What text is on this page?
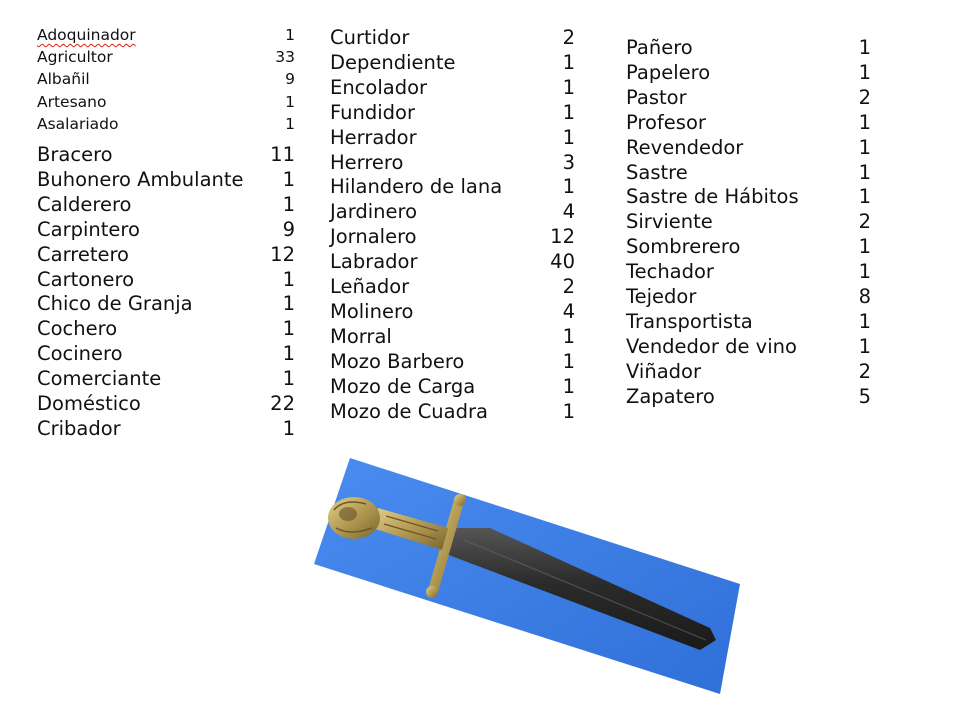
Adoquinador	1
Agricultor	33
Albañil	9
Artesano	1
Asalariado	1
Bracero	11
Buhonero Ambulante	1
Calderero	1
Carpintero	9
Carretero	12
Cartonero	1
Chico de Granja	1
Cochero	1
Cocinero	1
Comerciante	1
Doméstico	22
Cribador	1
Curtidor	2
Dependiente	1
Encolador	1
Fundidor	1
Herrador	1
Herrero	3
Hilandero de lana	1
Jardinero	4
Jornalero	12
Labrador	40
Leñador	2
Molinero	4
Morral	1
Mozo Barbero	1
Mozo de Carga	1
Mozo de Cuadra	1
Pañero	1
Papelero	1
Pastor	2
Profesor	1
Revendedor	1
Sastre	1
Sastre de Hábitos	1
Sirviente	2
Sombrerero	1
Techador	1
Tejedor	8
Transportista	1
Vendedor de vino	1
Viñador	2
Zapatero	5
